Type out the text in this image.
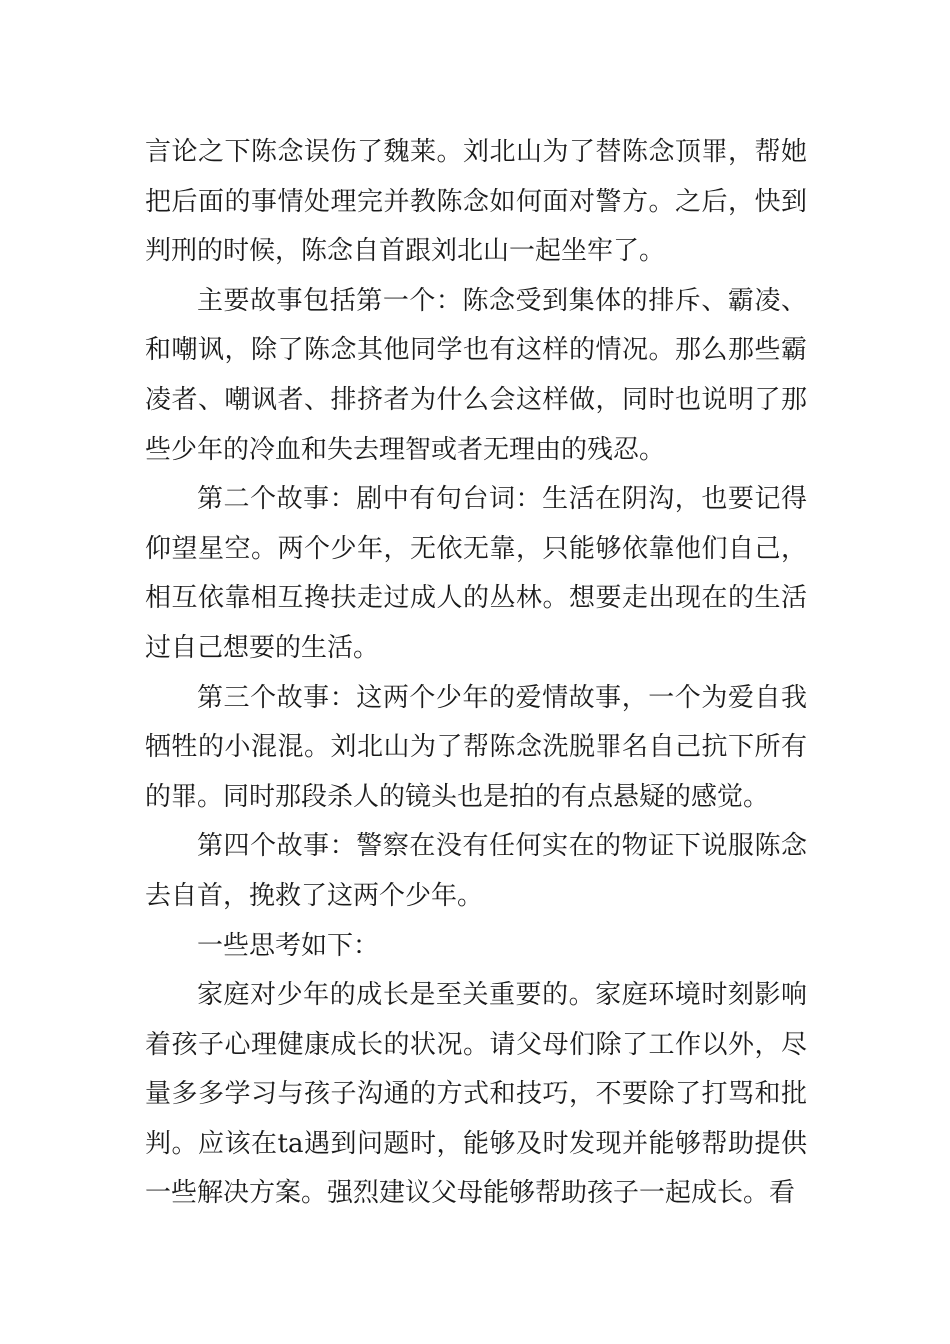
言论之下陈念误伤了魏莱。刘北山为了替陈念顶罪，帮她把后面的事情处理完并教陈念如何面对警方。之后，快到判刑的时候，陈念自首跟刘北山一起坐牢了。

主要故事包括第一个：陈念受到集体的排斥、霸凌、和嘲讽，除了陈念其他同学也有这样的情况。那么那些霸凌者、嘲讽者、排挤者为什么会这样做，同时也说明了那些少年的冷血和失去理智或者无理由的残忍。

第二个故事：剧中有句台词：生活在阴沟，也要记得仰望星空。两个少年，无依无靠，只能够依靠他们自己，相互依靠相互搀扶走过成人的丛林。想要走出现在的生活过自己想要的生活。

第三个故事：这两个少年的爱情故事，一个为爱自我牺牲的小混混。刘北山为了帮陈念洗脱罪名自己抗下所有的罪。同时那段杀人的镜头也是拍的有点悬疑的感觉。

第四个故事：警察在没有任何实在的物证下说服陈念去自首，挽救了这两个少年。

一些思考如下：

家庭对少年的成长是至关重要的。家庭环境时刻影响着孩子心理健康成长的状况。请父母们除了工作以外，尽量多多学习与孩子沟通的方式和技巧，不要除了打骂和批判。应该在ta遇到问题时，能够及时发现并能够帮助提供一些解决方案。强烈建议父母能够帮助孩子一起成长。看
